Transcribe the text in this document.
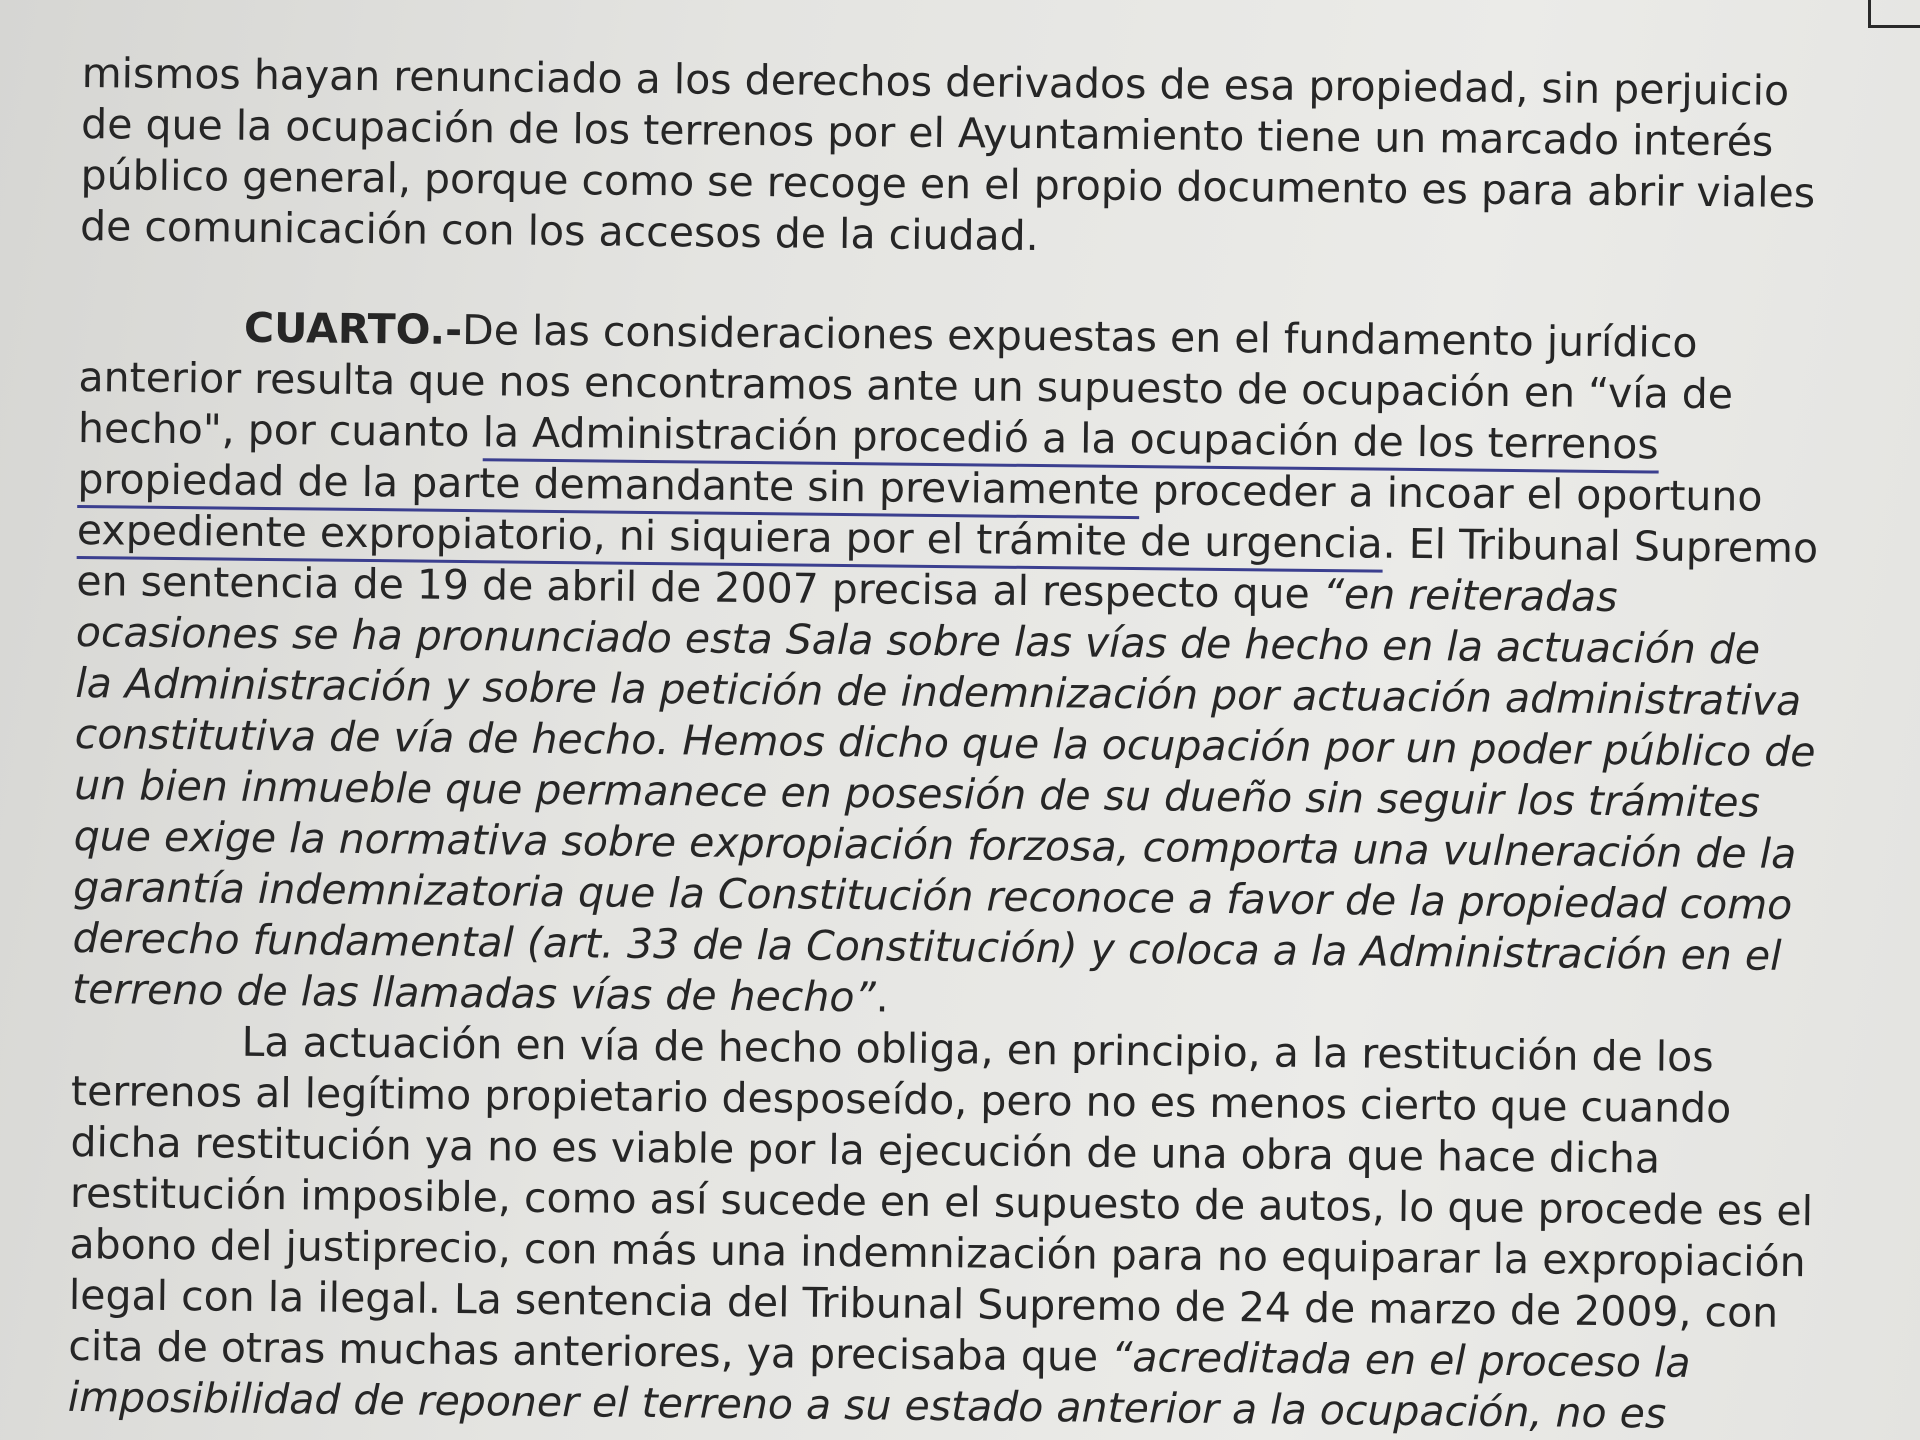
mismos hayan renunciado a los derechos derivados de esa propiedad, sin perjuicio
de que la ocupación de los terrenos por el Ayuntamiento tiene un marcado interés
público general, porque como se recoge en el propio documento es para abrir viales
de comunicación con los accesos de la ciudad.
CUARTO.-De las consideraciones expuestas en el fundamento jurídico
anterior resulta que nos encontramos ante un supuesto de ocupación en “vía de
hecho", por cuanto la Administración procedió a la ocupación de los terrenos
propiedad de la parte demandante sin previamente proceder a incoar el oportuno
expediente expropiatorio, ni siquiera por el trámite de urgencia. El Tribunal Supremo
en sentencia de 19 de abril de 2007 precisa al respecto que “en reiteradas
ocasiones se ha pronunciado esta Sala sobre las vías de hecho en la actuación de
la Administración y sobre la petición de indemnización por actuación administrativa
constitutiva de vía de hecho. Hemos dicho que la ocupación por un poder público de
un bien inmueble que permanece en posesión de su dueño sin seguir los trámites
que exige la normativa sobre expropiación forzosa, comporta una vulneración de la
garantía indemnizatoria que la Constitución reconoce a favor de la propiedad como
derecho fundamental (art. 33 de la Constitución) y coloca a la Administración en el
terreno de las llamadas vías de hecho”.
La actuación en vía de hecho obliga, en principio, a la restitución de los
terrenos al legítimo propietario desposeído, pero no es menos cierto que cuando
dicha restitución ya no es viable por la ejecución de una obra que hace dicha
restitución imposible, como así sucede en el supuesto de autos, lo que procede es el
abono del justiprecio, con más una indemnización para no equiparar la expropiación
legal con la ilegal. La sentencia del Tribunal Supremo de 24 de marzo de 2009, con
cita de otras muchas anteriores, ya precisaba que “acreditada en el proceso la
imposibilidad de reponer el terreno a su estado anterior a la ocupación, no es
